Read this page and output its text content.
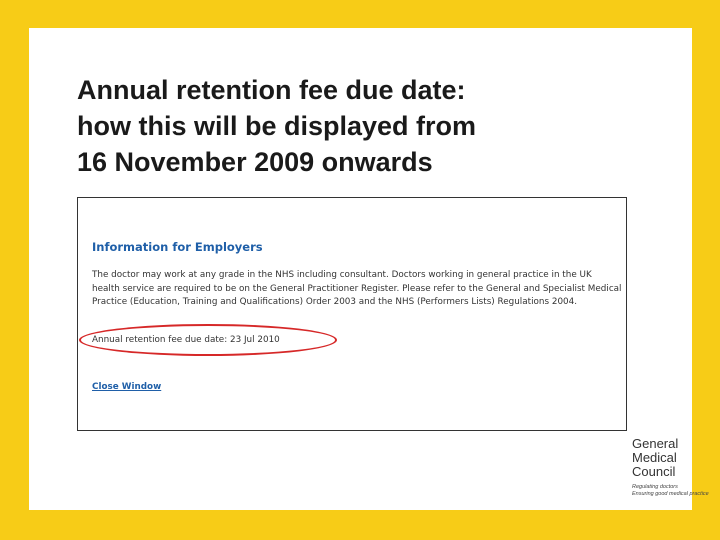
Annual retention fee due date:
how this will be displayed from
16 November 2009 onwards
Information for Employers
The doctor may work at any grade in the NHS including consultant. Doctors working in general practice in the UK health service are required to be on the General Practitioner Register. Please refer to the General and Specialist Medical Practice (Education, Training and Qualifications) Order 2003 and the NHS (Performers Lists) Regulations 2004.
Annual retention fee due date: 23 Jul 2010
Close Window
General
Medical
Council
Regulating doctors
Ensuring good medical practice
